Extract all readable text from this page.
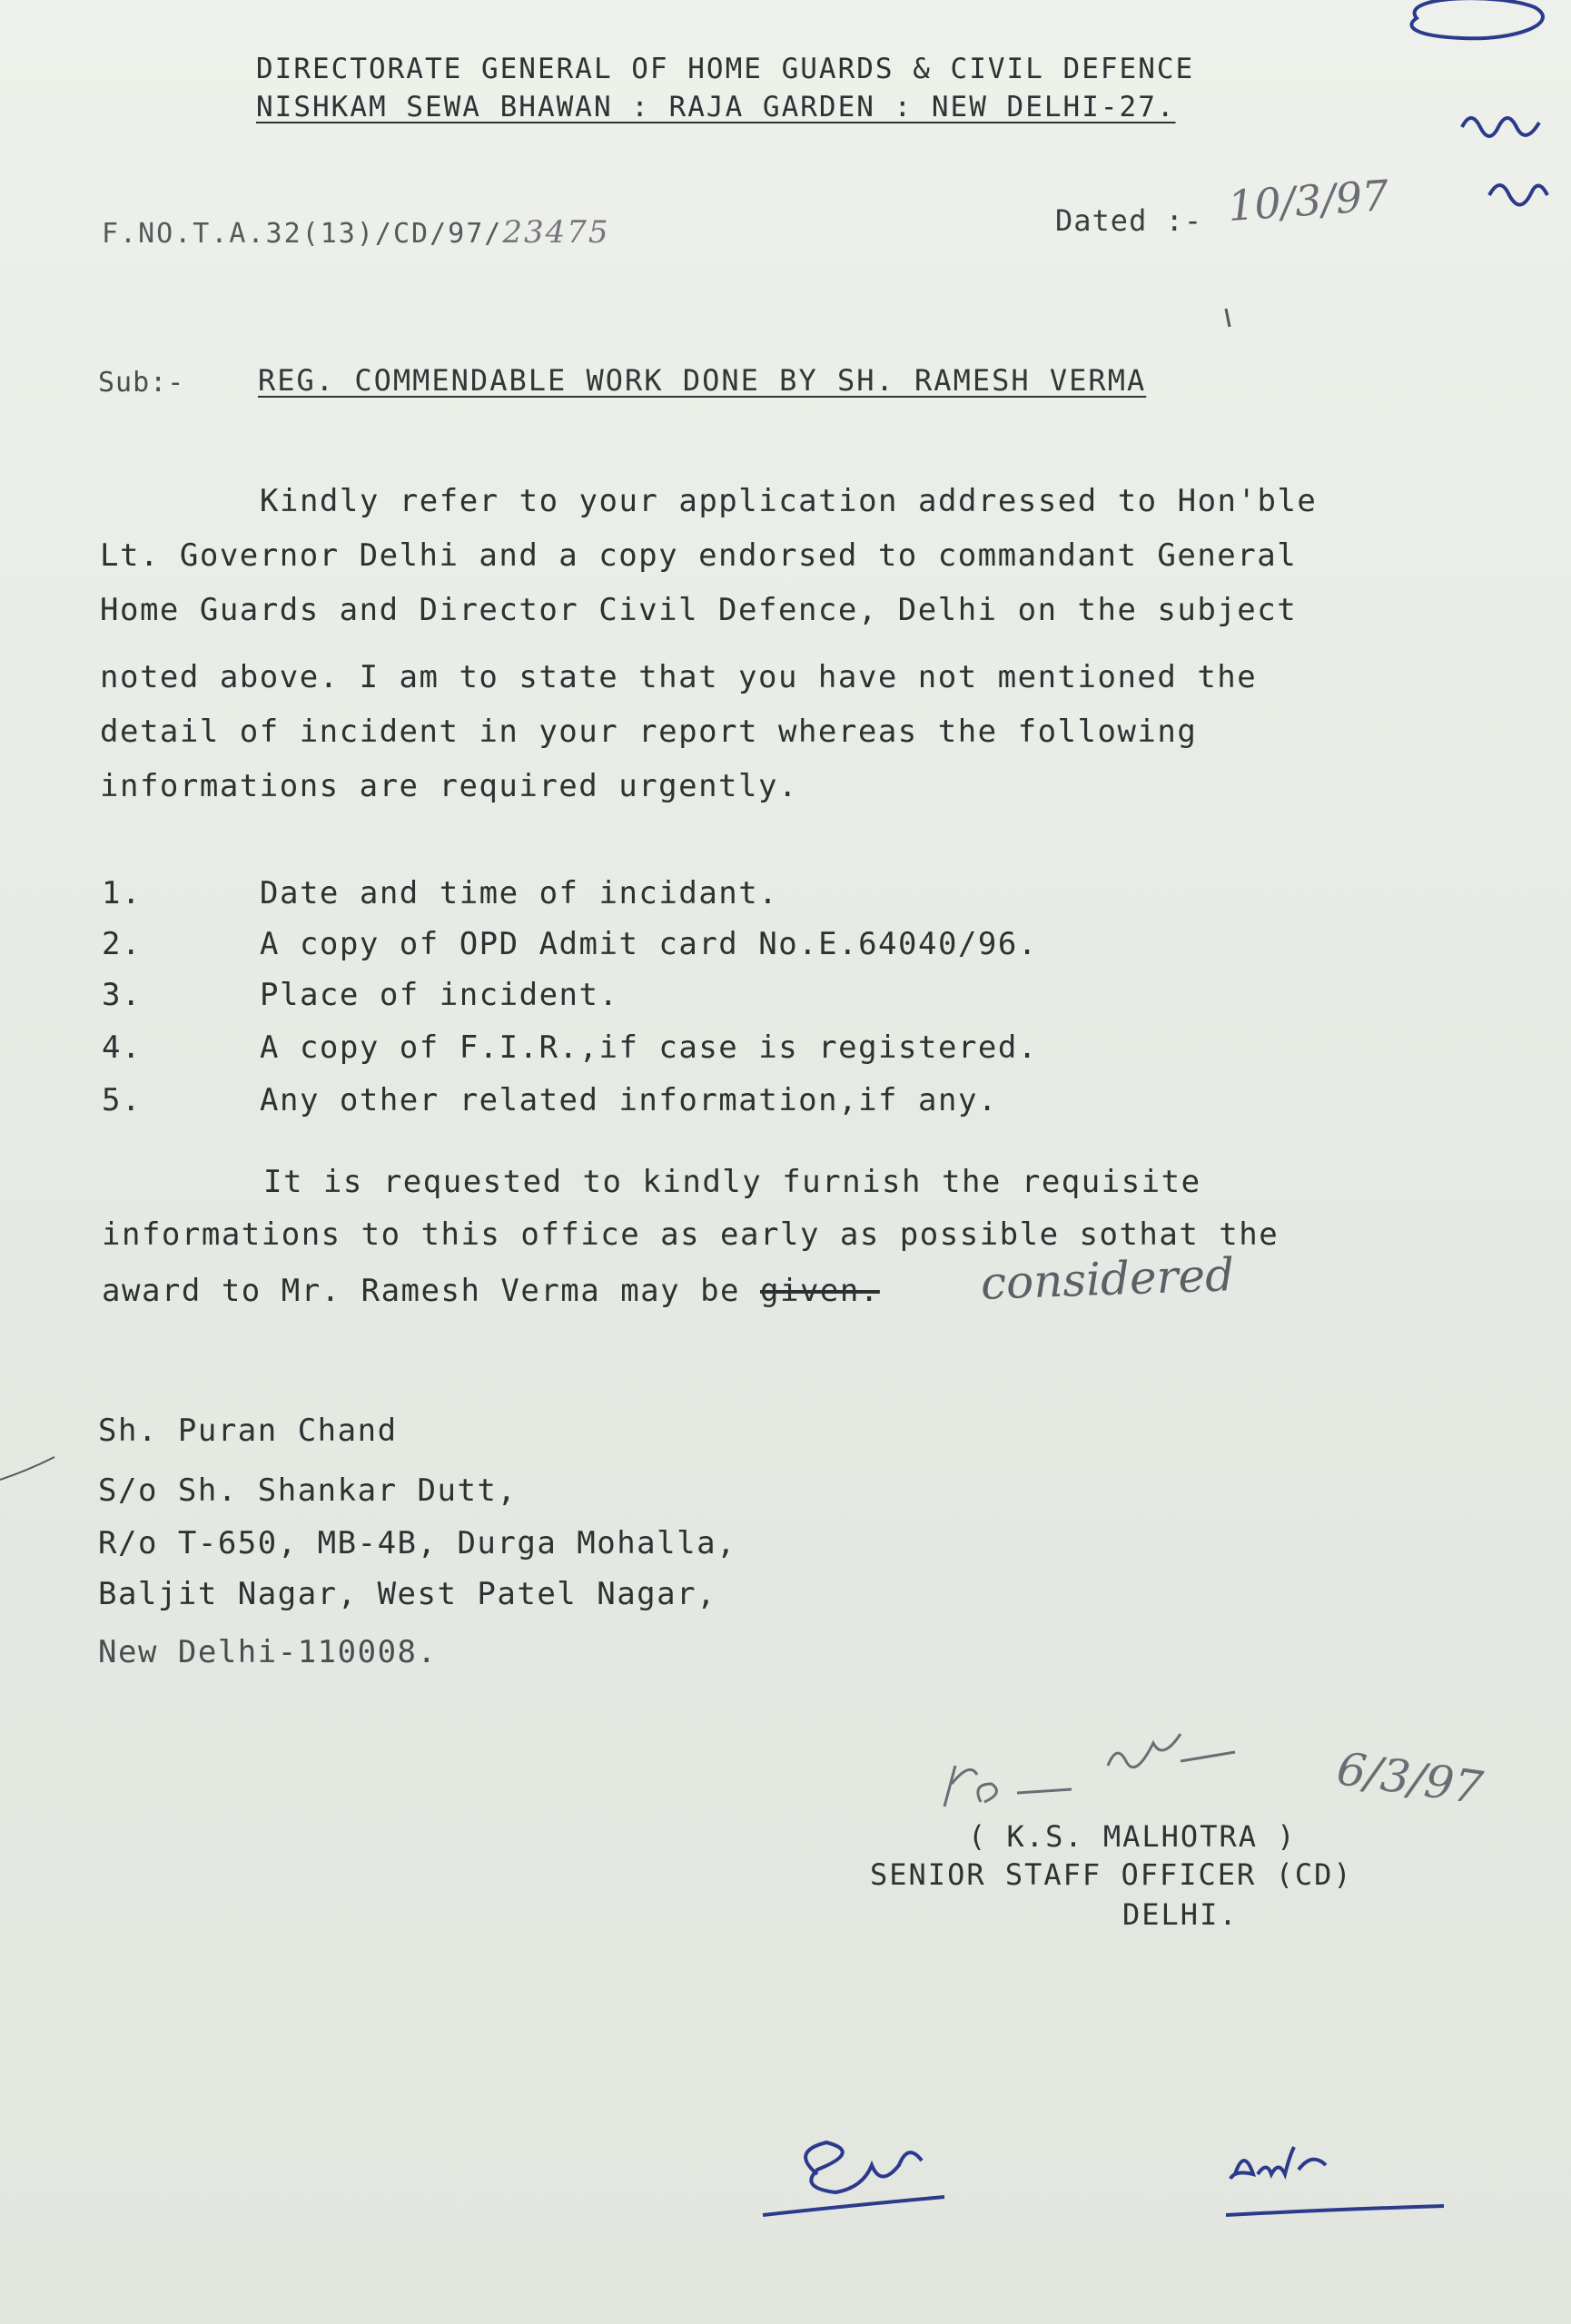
DIRECTORATE GENERAL OF HOME GUARDS & CIVIL DEFENCE
NISHKAM SEWA BHAWAN : RAJA GARDEN : NEW DELHI-27.
F.NO.T.A.32(13)/CD/97/23475	Dated :- 10/3/97
Sub:-	REG. COMMENDABLE WORK DONE BY SH. RAMESH VERMA
Kindly refer to your application addressed to Hon'ble
Lt. Governor Delhi and a copy endorsed to commandant General
Home Guards and Director Civil Defence, Delhi on the subject
noted above. I am to state that you have not mentioned the
detail of incident in your report whereas the following
informations are required urgently.
1.	Date and time of incidant.
2.	A copy of OPD Admit card No.E.64040/96.
3.	Place of incident.
4.	A copy of F.I.R.,if case is registered.
5.	Any other related information,if any.
It is requested to kindly furnish the requisite
informations to this office as early as possible sothat the
award to Mr. Ramesh Verma may be given. considered
Sh. Puran Chand
S/o Sh. Shankar Dutt,
R/o T-650, MB-4B, Durga Mohalla,
Baljit Nagar, West Patel Nagar,
New Delhi-110008.
6/3/97
( K.S. MALHOTRA )
SENIOR STAFF OFFICER (CD)
DELHI.
